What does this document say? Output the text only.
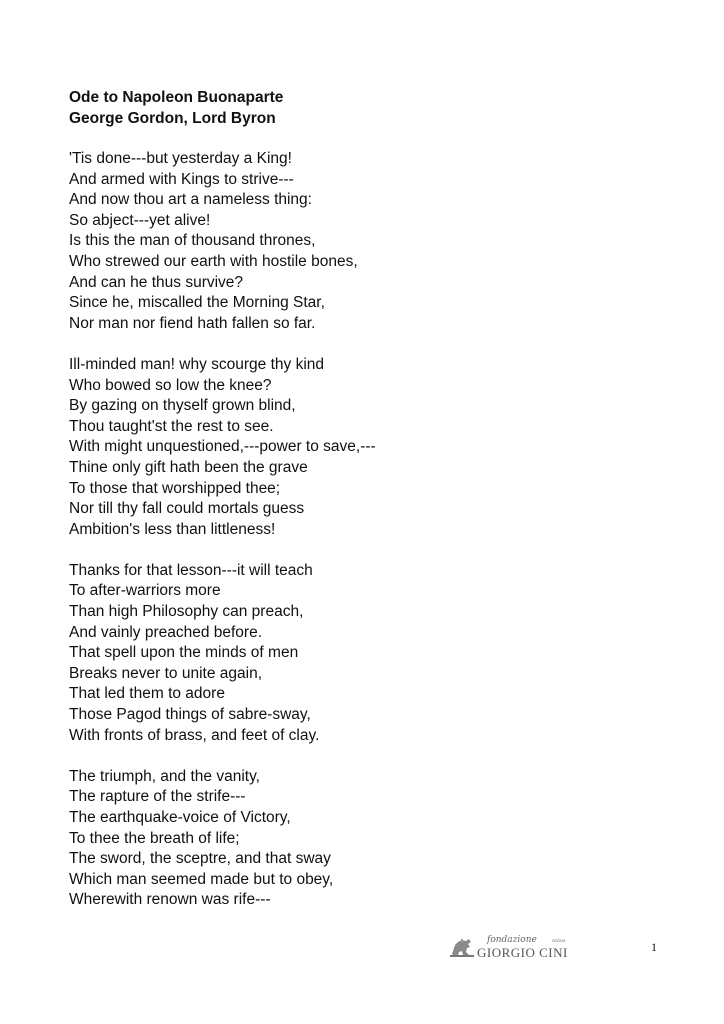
Ode to Napoleon Buonaparte
George Gordon, Lord Byron
'Tis done---but yesterday a King!
And armed with Kings to strive---
And now thou art a nameless thing:
So abject---yet alive!
Is this the man of thousand thrones,
Who strewed our earth with hostile bones,
And can he thus survive?
Since he, miscalled the Morning Star,
Nor man nor fiend hath fallen so far.
Ill-minded man! why scourge thy kind
Who bowed so low the knee?
By gazing on thyself grown blind,
Thou taught'st the rest to see.
With might unquestioned,---power to save,---
Thine only gift hath been the grave
To those that worshipped thee;
Nor till thy fall could mortals guess
Ambition's less than littleness!
Thanks for that lesson---it will teach
To after-warriors more
Than high Philosophy can preach,
And vainly preached before.
That spell upon the minds of men
Breaks never to unite again,
That led them to adore
Those Pagod things of sabre-sway,
With fronts of brass, and feet of clay.
The triumph, and the vanity,
The rapture of the strife---
The earthquake-voice of Victory,
To thee the breath of life;
The sword, the sceptre, and that sway
Which man seemed made but to obey,
Wherewith renown was rife---
fondazione	onlus
GIORGIO CINI	1
